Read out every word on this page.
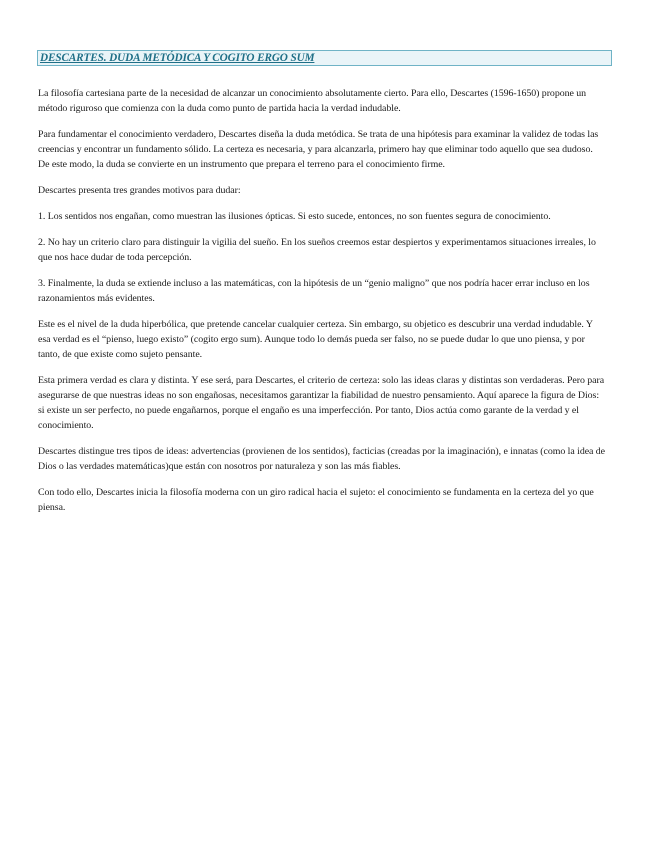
DESCARTES. DUDA METÓDICA Y COGITO ERGO SUM

La filosofía cartesiana parte de la necesidad de alcanzar un conocimiento absolutamente cierto. Para ello, Descartes (1596-1650) propone un método riguroso que comienza con la duda como punto de partida hacia la verdad indudable.

Para fundamentar el conocimiento verdadero, Descartes diseña la duda metódica. Se trata de una hipótesis para examinar la validez de todas las creencias y encontrar un fundamento sólido. La certeza es necesaria, y para alcanzarla, primero hay que eliminar todo aquello que sea dudoso. De este modo, la duda se convierte en un instrumento que prepara el terreno para el conocimiento firme.

Descartes presenta tres grandes motivos para dudar:

1. Los sentidos nos engañan, como muestran las ilusiones ópticas. Si esto sucede, entonces, no son fuentes segura de conocimiento.

2. No hay un criterio claro para distinguir la vigilia del sueño. En los sueños creemos estar despiertos y experimentamos situaciones irreales, lo que nos hace dudar de toda percepción.

3. Finalmente, la duda se extiende incluso a las matemáticas, con la hipótesis de un “genio maligno” que nos podría hacer errar incluso en los razonamientos más evidentes.

Este es el nivel de la duda hiperbólica, que pretende cancelar cualquier certeza. Sin embargo, su objetico es descubrir una verdad indudable. Y esa verdad es el “pienso, luego existo” (cogito ergo sum). Aunque todo lo demás pueda ser falso, no se puede dudar lo que uno piensa, y por tanto, de que existe como sujeto pensante.

Esta primera verdad es clara y distinta. Y ese será, para Descartes, el criterio de certeza: solo las ideas claras y distintas son verdaderas. Pero para asegurarse de que nuestras ideas no son engañosas, necesitamos garantizar la fiabilidad de nuestro pensamiento. Aquí aparece la figura de Dios: si existe un ser perfecto, no puede engañarnos, porque el engaño es una imperfección. Por tanto, Dios actúa como garante de la verdad y el conocimiento.

Descartes distingue tres tipos de ideas: advertencias (provienen de los sentidos), facticias (creadas por la imaginación), e innatas (como la idea de Dios o las verdades matemáticas)que están con nosotros por naturaleza y son las más fiables.

Con todo ello, Descartes inicia la filosofía moderna con un giro radical hacia el sujeto: el conocimiento se fundamenta en la certeza del yo que piensa.
